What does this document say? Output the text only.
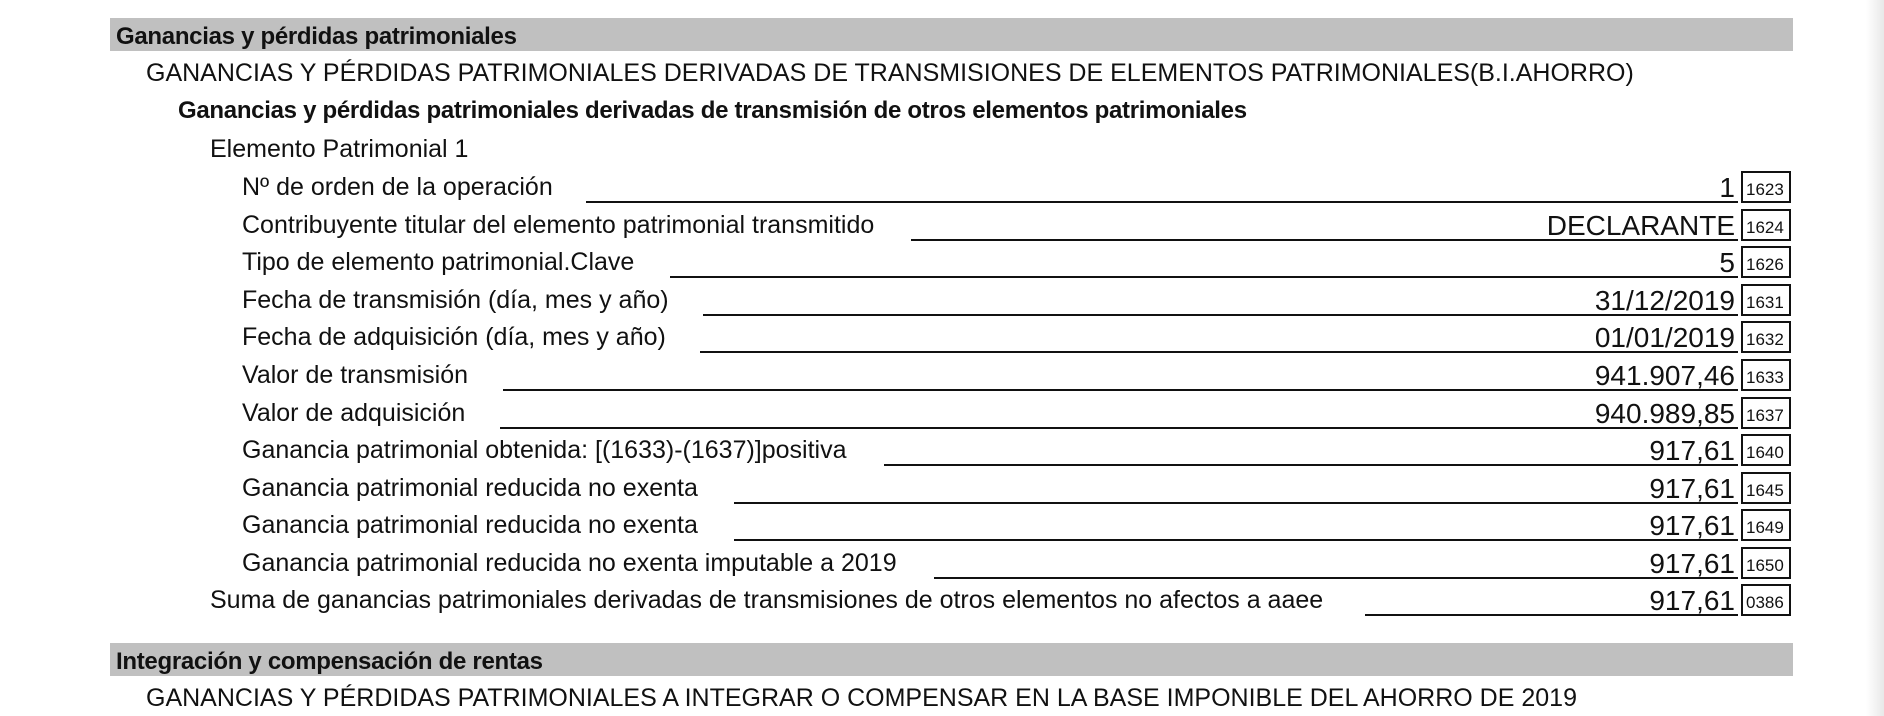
Ganancias y pérdidas patrimoniales
GANANCIAS Y PÉRDIDAS PATRIMONIALES DERIVADAS DE TRANSMISIONES DE ELEMENTOS PATRIMONIALES(B.I.AHORRO)
Ganancias y pérdidas patrimoniales derivadas de transmisión de otros elementos patrimoniales
Elemento Patrimonial 1
Nº de orden de la operación	1 1623
Contribuyente titular del elemento patrimonial transmitido	DECLARANTE 1624
Tipo de elemento patrimonial.Clave	5 1626
Fecha de transmisión (día, mes y año)	31/12/2019 1631
Fecha de adquisición (día, mes y año)	01/01/2019 1632
Valor de transmisión	941.907,46 1633
Valor de adquisición	940.989,85 1637
Ganancia patrimonial obtenida: [(1633)-(1637)]positiva	917,61 1640
Ganancia patrimonial reducida no exenta	917,61 1645
Ganancia patrimonial reducida no exenta	917,61 1649
Ganancia patrimonial reducida no exenta imputable a 2019	917,61 1650
Suma de ganancias patrimoniales derivadas de transmisiones de otros elementos no afectos a aaee	917,61 0386
Integración y compensación de rentas
GANANCIAS Y PÉRDIDAS PATRIMONIALES A INTEGRAR O COMPENSAR EN LA BASE IMPONIBLE DEL AHORRO DE 2019
